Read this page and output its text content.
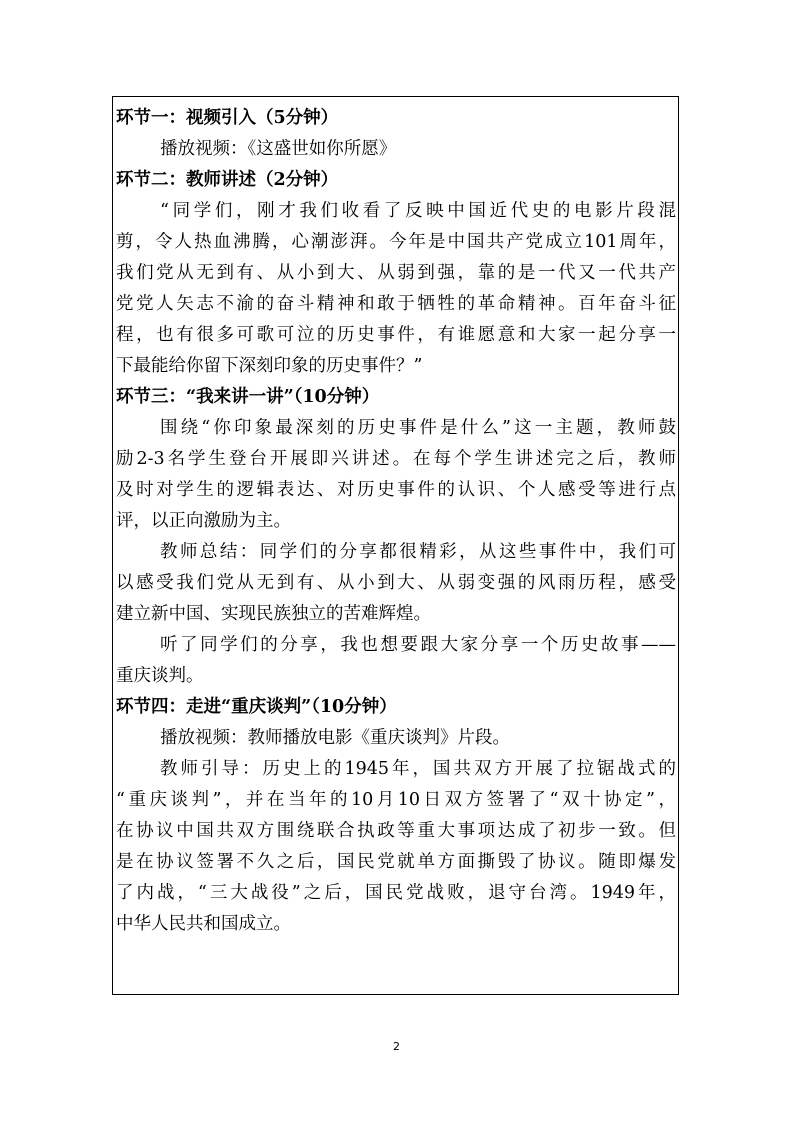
环节一：视频引入（5分钟）
播放视频：《这盛世如你所愿》
环节二：教师讲述（2分钟）
“同学们，刚才我们收看了反映中国近代史的电影片段混
剪，令人热血沸腾，心潮澎湃。今年是中国共产党成立101周年，
我们党从无到有、从小到大、从弱到强，靠的是一代又一代共产
党党人矢志不渝的奋斗精神和敢于牺牲的革命精神。百年奋斗征
程，也有很多可歌可泣的历史事件，有谁愿意和大家一起分享一
下最能给你留下深刻印象的历史事件？”
环节三：“我来讲一讲”（10分钟）
围绕“你印象最深刻的历史事件是什么”这一主题，教师鼓
励2-3名学生登台开展即兴讲述。在每个学生讲述完之后，教师
及时对学生的逻辑表达、对历史事件的认识、个人感受等进行点
评，以正向激励为主。
教师总结：同学们的分享都很精彩，从这些事件中，我们可
以感受我们党从无到有、从小到大、从弱变强的风雨历程，感受
建立新中国、实现民族独立的苦难辉煌。
听了同学们的分享，我也想要跟大家分享一个历史故事——
重庆谈判。
环节四：走进“重庆谈判”（10分钟）
播放视频：教师播放电影《重庆谈判》片段。
教师引导：历史上的1945年，国共双方开展了拉锯战式的
“重庆谈判”，并在当年的10月10日双方签署了“双十协定”，
在协议中国共双方围绕联合执政等重大事项达成了初步一致。但
是在协议签署不久之后，国民党就单方面撕毁了协议。随即爆发
了内战，“三大战役”之后，国民党战败，退守台湾。1949年，
中华人民共和国成立。
2
